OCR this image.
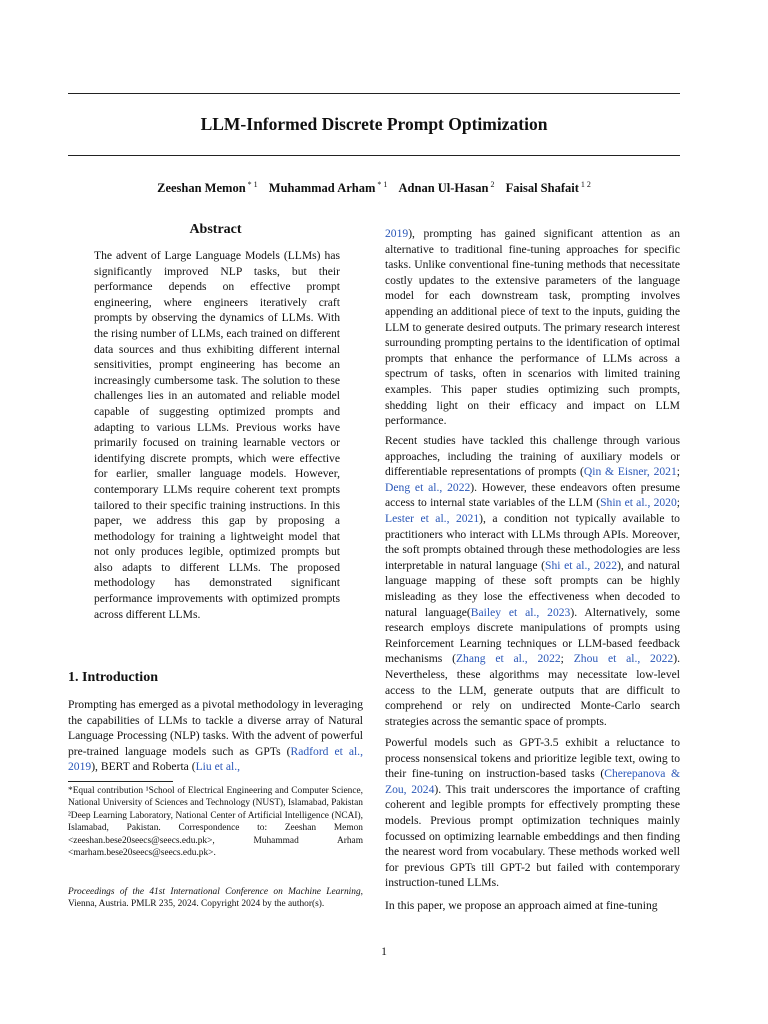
LLM-Informed Discrete Prompt Optimization
Zeeshan Memon $^{* 1}$ Muhammad Arham $^{* 1}$ Adnan Ul-Hasan $^2$ Faisal Shafait $^{1 2}$
Abstract

The advent of Large Language Models (LLMs) has significantly improved NLP tasks, but their performance depends on effective prompt engineering, where engineers iteratively craft prompts by observing the dynamics of LLMs. With the rising number of LLMs, each trained on different data sources and thus exhibiting different internal sensitivities, prompt engineering has become an increasingly cumbersome task. The solution to these challenges lies in an automated and reliable model capable of suggesting optimized prompts and adapting to various LLMs. Previous works have primarily focused on training learnable vectors or identifying discrete prompts, which were effective for earlier, smaller language models. However, contemporary LLMs require coherent text prompts tailored to their specific training instructions. In this paper, we address this gap by proposing a methodology for training a lightweight model that not only produces legible, optimized prompts but also adapts to different LLMs. The proposed methodology has demonstrated significant performance improvements with optimized prompts across different LLMs.

1. Introduction

Prompting has emerged as a pivotal methodology in leveraging the capabilities of LLMs to tackle a diverse array of Natural Language Processing (NLP) tasks. With the advent of powerful pre-trained language models such as GPTs (Radford et al., 2019), BERT and Roberta (Liu et al.,

*Equal contribution ¹School of Electrical Engineering and Computer Science, National University of Sciences and Technology (NUST), Islamabad, Pakistan ²Deep Learning Laboratory, National Center of Artificial Intelligence (NCAI), Islamabad, Pakistan. Correspondence to: Zeeshan Memon <zeeshan.bese20seecs@seecs.edu.pk>, Muhammad Arham <marham.bese20seecs@seecs.edu.pk>.

Proceedings of the 41st International Conference on Machine Learning, Vienna, Austria. PMLR 235, 2024. Copyright 2024 by the author(s).

2019), prompting has gained significant attention as an alternative to traditional fine-tuning approaches for specific tasks. Unlike conventional fine-tuning methods that necessitate costly updates to the extensive parameters of the language model for each downstream task, prompting involves appending an additional piece of text to the inputs, guiding the LLM to generate desired outputs. The primary research interest surrounding prompting pertains to the identification of optimal prompts that enhance the performance of LLMs across a spectrum of tasks, often in scenarios with limited training examples. This paper studies optimizing such prompts, shedding light on their efficacy and impact on LLM performance.

Recent studies have tackled this challenge through various approaches, including the training of auxiliary models or differentiable representations of prompts (Qin & Eisner, 2021; Deng et al., 2022). However, these endeavors often presume access to internal state variables of the LLM (Shin et al., 2020; Lester et al., 2021), a condition not typically available to practitioners who interact with LLMs through APIs. Moreover, the soft prompts obtained through these methodologies are less interpretable in natural language (Shi et al., 2022), and natural language mapping of these soft prompts can be highly misleading as they lose the effectiveness when decoded to natural language(Bailey et al., 2023). Alternatively, some research employs discrete manipulations of prompts using Reinforcement Learning techniques or LLM-based feedback mechanisms (Zhang et al., 2022; Zhou et al., 2022). Nevertheless, these algorithms may necessitate low-level access to the LLM, generate outputs that are difficult to comprehend or rely on undirected Monte-Carlo search strategies across the semantic space of prompts.

Powerful models such as GPT-3.5 exhibit a reluctance to process nonsensical tokens and prioritize legible text, owing to their fine-tuning on instruction-based tasks (Cherepanova & Zou, 2024). This trait underscores the importance of crafting coherent and legible prompts for effectively prompting these models. Previous prompt optimization techniques mainly focussed on optimizing learnable embeddings and then finding the nearest word from vocabulary. These methods worked well for previous GPTs till GPT-2 but failed with contemporary instruction-tuned LLMs.

In this paper, we propose an approach aimed at fine-tuning

1
